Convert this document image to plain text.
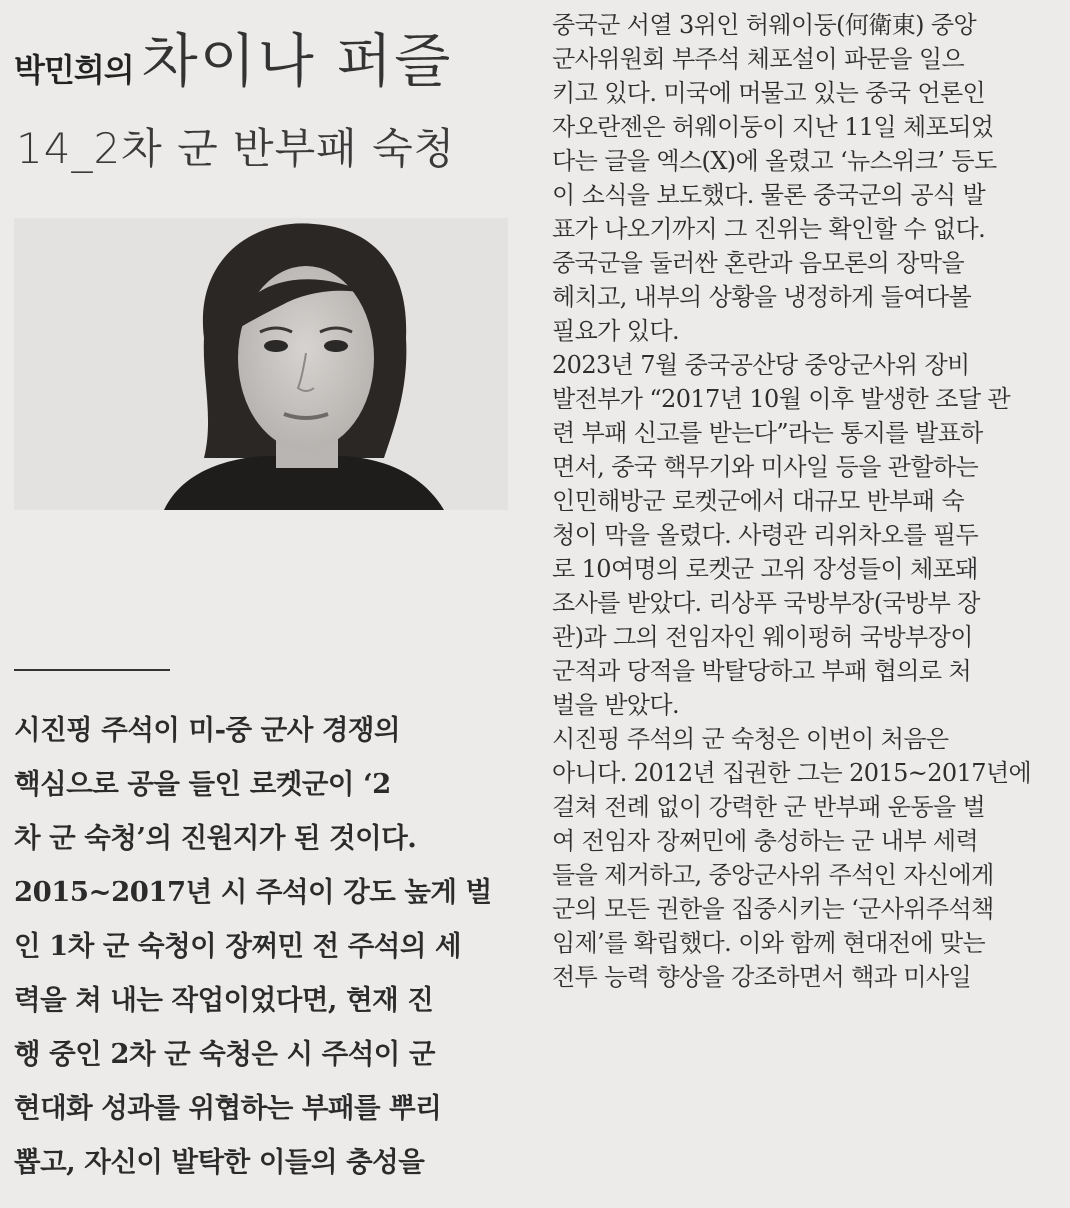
박민희의 차이나 퍼즐
14_2차 군 반부패 숙청
시진핑 주석이 미-중 군사 경쟁의
핵심으로 공을 들인 로켓군이 ‘2
차 군 숙청’의 진원지가 된 것이다.
2015~2017년 시 주석이 강도 높게 벌
인 1차 군 숙청이 장쩌민 전 주석의 세
력을 쳐 내는 작업이었다면, 현재 진
행 중인 2차 군 숙청은 시 주석이 군
현대화 성과를 위협하는 부패를 뿌리
뽑고, 자신이 발탁한 이들의 충성을
중국군 서열 3위인 허웨이둥(何衛東) 중앙
군사위원회 부주석 체포설이 파문을 일으
키고 있다. 미국에 머물고 있는 중국 언론인
자오란젠은 허웨이둥이 지난 11일 체포되었
다는 글을 엑스(X)에 올렸고 ‘뉴스위크’ 등도
이 소식을 보도했다. 물론 중국군의 공식 발
표가 나오기까지 그 진위는 확인할 수 없다.
중국군을 둘러싼 혼란과 음모론의 장막을
헤치고, 내부의 상황을 냉정하게 들여다볼
필요가 있다.
2023년 7월 중국공산당 중앙군사위 장비
발전부가 “2017년 10월 이후 발생한 조달 관
련 부패 신고를 받는다”라는 통지를 발표하
면서, 중국 핵무기와 미사일 등을 관할하는
인민해방군 로켓군에서 대규모 반부패 숙
청이 막을 올렸다. 사령관 리위차오를 필두
로 10여명의 로켓군 고위 장성들이 체포돼
조사를 받았다. 리상푸 국방부장(국방부 장
관)과 그의 전임자인 웨이펑허 국방부장이
군적과 당적을 박탈당하고 부패 협의로 처
벌을 받았다.
시진핑 주석의 군 숙청은 이번이 처음은
아니다. 2012년 집권한 그는 2015~2017년에
걸쳐 전례 없이 강력한 군 반부패 운동을 벌
여 전임자 장쩌민에 충성하는 군 내부 세력
들을 제거하고, 중앙군사위 주석인 자신에게
군의 모든 권한을 집중시키는 ‘군사위주석책
임제’를 확립했다. 이와 함께 현대전에 맞는
전투 능력 향상을 강조하면서 핵과 미사일
